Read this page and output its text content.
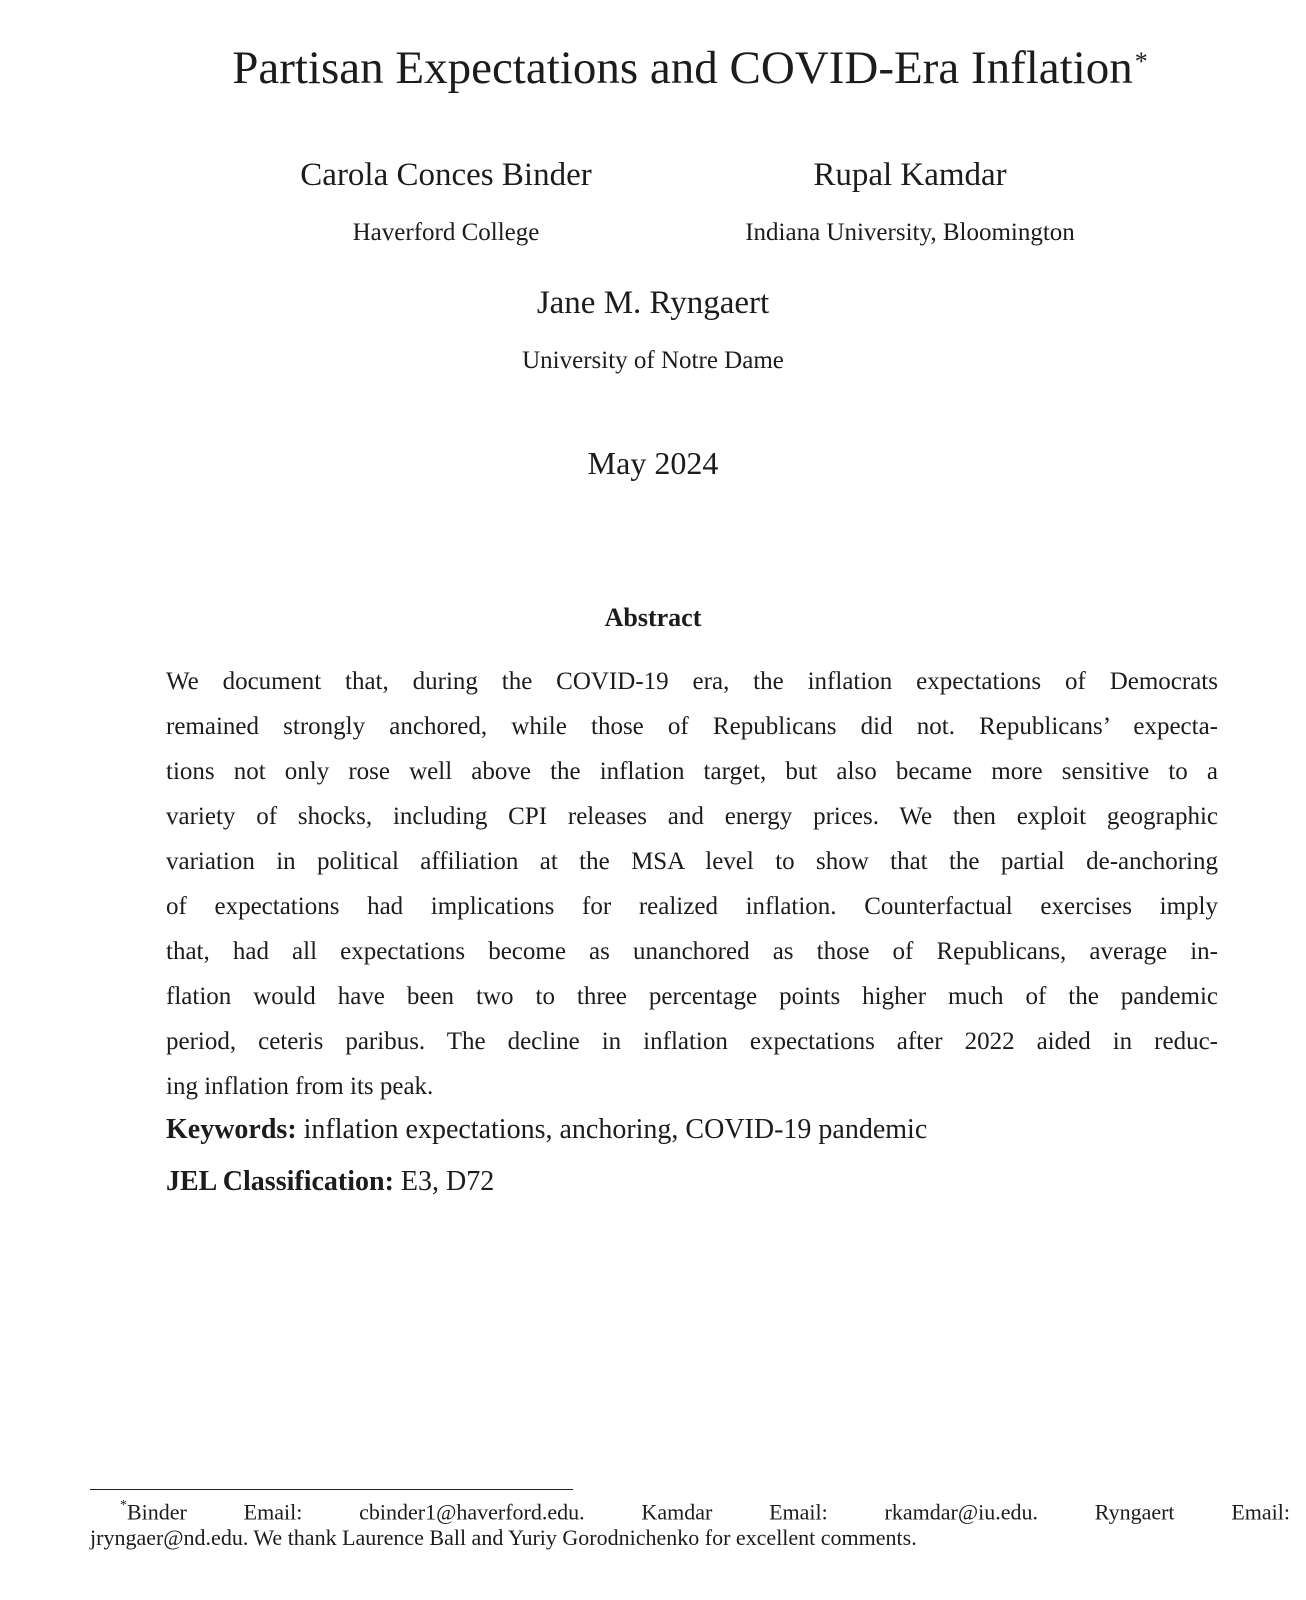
Partisan Expectations and COVID-Era Inflation*
Carola Conces Binder
Haverford College
Rupal Kamdar
Indiana University, Bloomington
Jane M. Ryngaert
University of Notre Dame
May 2024
Abstract
We document that, during the COVID-19 era, the inflation expectations of Democrats
remained strongly anchored, while those of Republicans did not. Republicans’ expecta-
tions not only rose well above the inflation target, but also became more sensitive to a
variety of shocks, including CPI releases and energy prices. We then exploit geographic
variation in political affiliation at the MSA level to show that the partial de-anchoring
of expectations had implications for realized inflation. Counterfactual exercises imply
that, had all expectations become as unanchored as those of Republicans, average in-
flation would have been two to three percentage points higher much of the pandemic
period, ceteris paribus. The decline in inflation expectations after 2022 aided in reduc-
ing inflation from its peak.
Keywords: inflation expectations, anchoring, COVID-19 pandemic
JEL Classification: E3, D72
*Binder Email: cbinder1@haverford.edu. Kamdar Email: rkamdar@iu.edu. Ryngaert Email:
jryngaer@nd.edu. We thank Laurence Ball and Yuriy Gorodnichenko for excellent comments.
